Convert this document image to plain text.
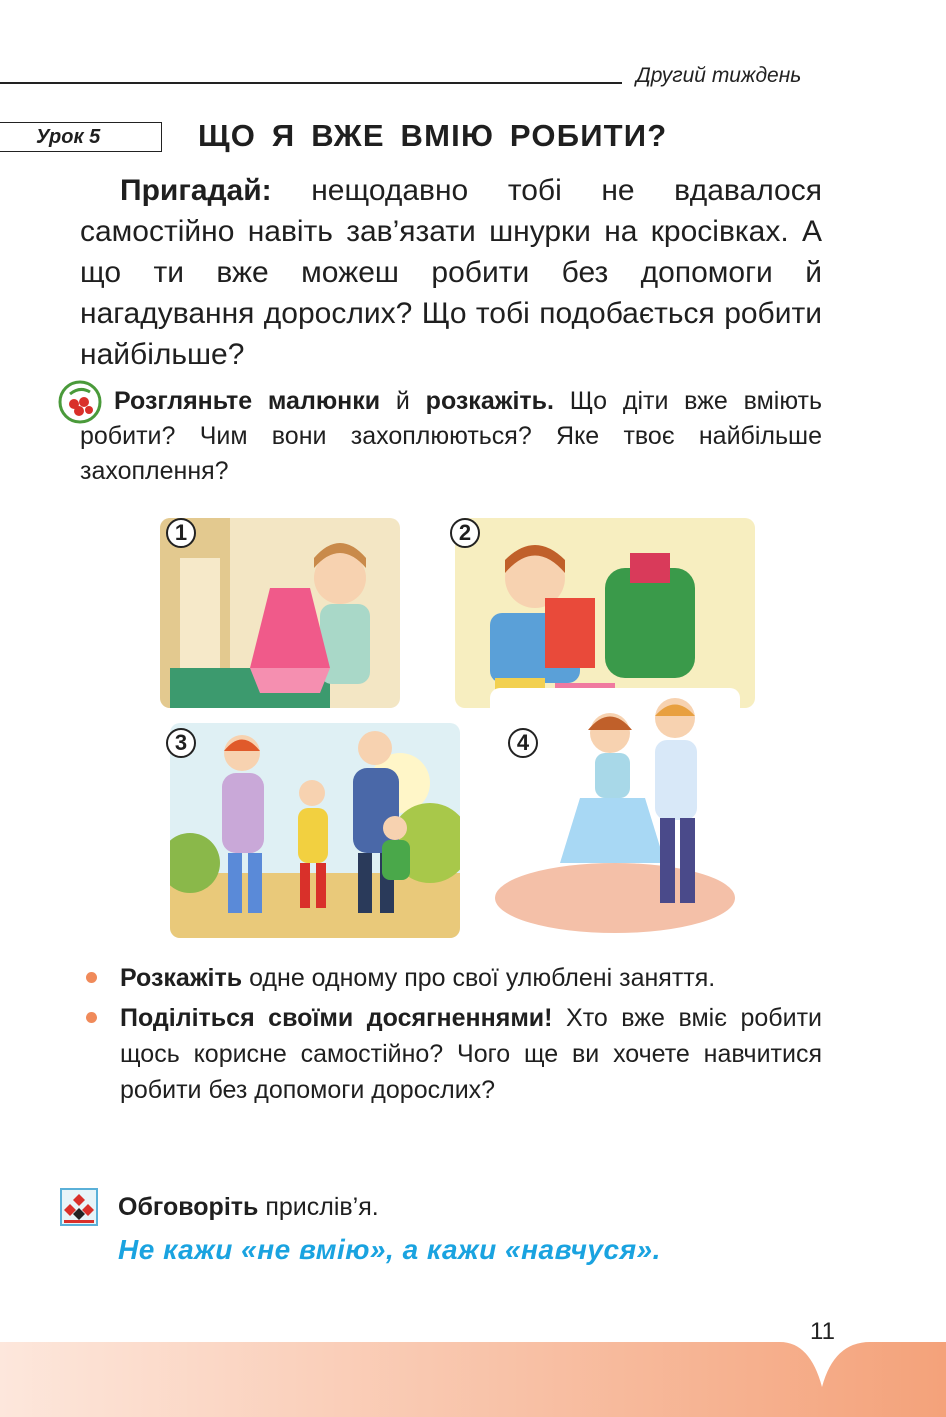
Другий тиждень
Урок 5	ЩО Я ВЖЕ ВМІЮ РОБИТИ?
Пригадай: нещодавно тобі не вдавалося самостійно навіть зав’язати шнурки на кросівках. А що ти вже можеш робити без допомоги й нагадування дорослих? Що тобі подобається робити найбільше?
Розгляньте малюнки й розкажіть. Що діти вже вміють робити? Чим вони захоплюються? Яке твоє найбільше захоплення?
1	2
3	4
Розкажіть одне одному про свої улюблені заняття.
Поділіться своїми досягненнями! Хто вже вміє робити щось корисне самостійно? Чого ще ви хочете навчитися робити без допомоги дорослих?
Обговоріть прислів’я.
Не кажи «не вмію», а кажи «навчуся».
11
